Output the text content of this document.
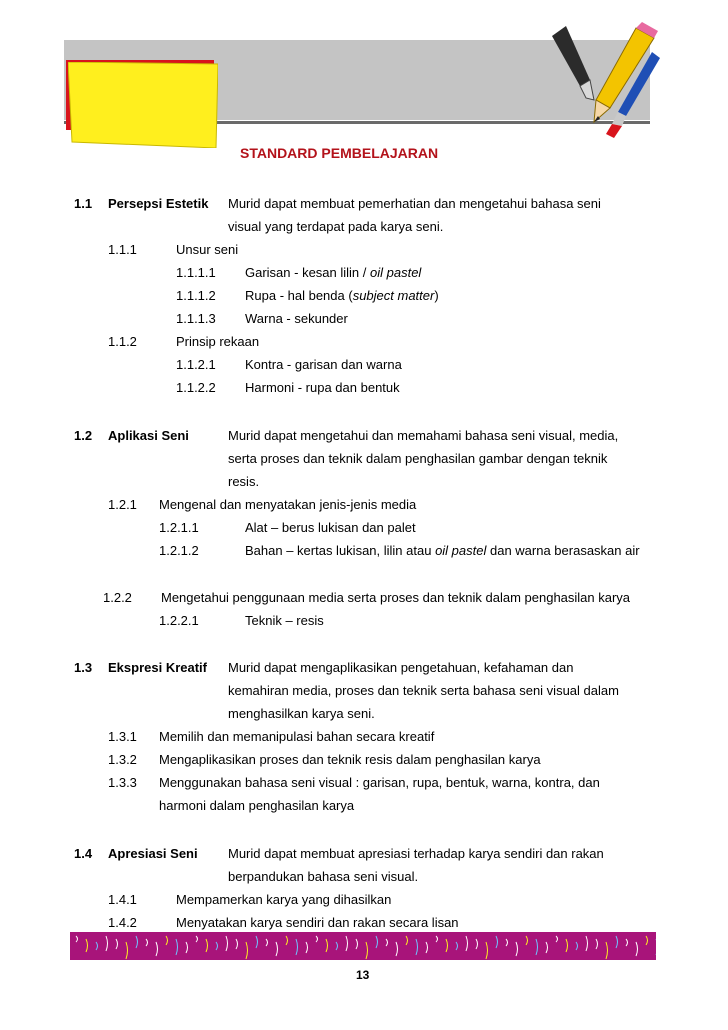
STANDARD PEMBELAJARAN
1.1 Persepsi Estetik Murid dapat membuat pemerhatian dan mengetahui bahasa seni
visual yang terdapat pada karya seni.
1.1.1	Unsur seni
1.1.1.1 Garisan - kesan lilin / oil pastel
1.1.1.2 Rupa - hal benda (subject matter)
1.1.1.3 Warna - sekunder
1.1.2	Prinsip rekaan
1.1.2.1 Kontra - garisan dan warna
1.1.2.2 Harmoni - rupa dan bentuk
1.2 Aplikasi Seni	Murid dapat mengetahui dan memahami bahasa seni visual, media,
serta proses dan teknik dalam penghasilan gambar dengan teknik
resis.
1.2.1 Mengenal dan menyatakan jenis-jenis media
1.2.1.1	Alat – berus lukisan dan palet
1.2.1.2	Bahan – kertas lukisan, lilin atau oil pastel dan warna berasaskan air
1.2.2 Mengetahui penggunaan media serta proses dan teknik dalam penghasilan karya
1.2.2.1	Teknik – resis
1.3 Ekspresi Kreatif Murid dapat mengaplikasikan pengetahuan, kefahaman dan
kemahiran media, proses dan teknik serta bahasa seni visual dalam
menghasilkan karya seni.
1.3.1 Memilih dan memanipulasi bahan secara kreatif
1.3.2 Mengaplikasikan proses dan teknik resis dalam penghasilan karya
1.3.3 Menggunakan bahasa seni visual : garisan, rupa, bentuk, warna, kontra, dan
harmoni dalam penghasilan karya
1.4 Apresiasi Seni Murid dapat membuat apresiasi terhadap karya sendiri dan rakan
berpandukan bahasa seni visual.
1.4.1	Mempamerkan karya yang dihasilkan
1.4.2	Menyatakan karya sendiri dan rakan secara lisan
13
